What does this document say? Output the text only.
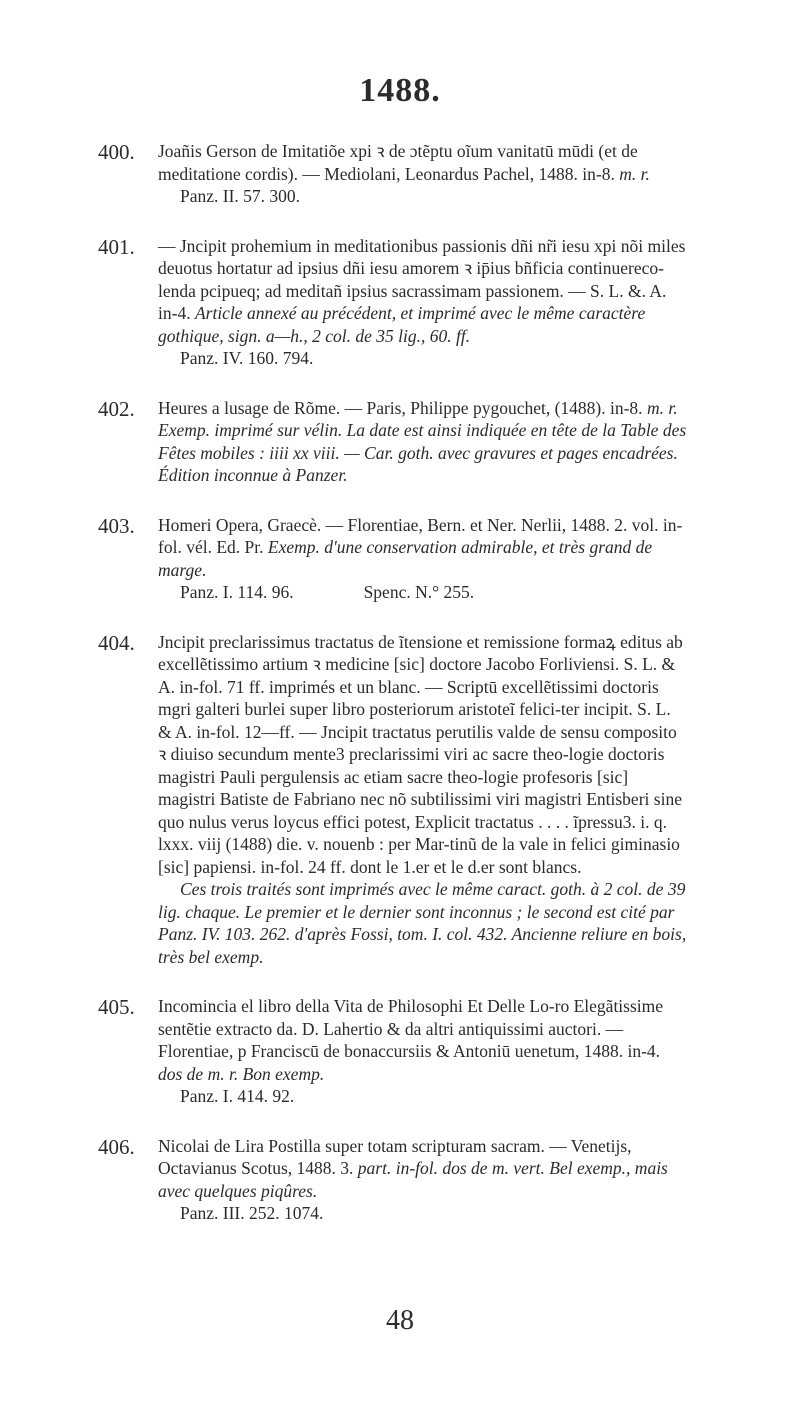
1488.
400. Joañis Gerson de Imitatiõe xpi ꝛ de ɔtẽptu oĩum vanitatū mūdi (et de meditatione cordis). — Mediolani, Leonardus Pachel, 1488. in-8. m. r.

Panz. II. 57. 300.

401. — Jncipit prohemium in meditationibus passionis dñi nr̃i iesu xpi nõi miles deuotus hortatur ad ipsius dñi iesu amorem ꝛ ip̄ius bñficia continuereco-lenda pcipueq; ad meditañ ipsius sacrassimam passionem. — S. L. &. A. in-4. Article annexé au précédent, et imprimé avec le même caractère gothique, sign. a—h., 2 col. de 35 lig., 60. ff.

Panz. IV. 160. 794.

402. Heures a lusage de Rõme. — Paris, Philippe pygouchet, (1488). in-8. m. r.

Exemp. imprimé sur vélin. La date est ainsi indiquée en tête de la Table des Fêtes mobiles : iiii xx viii. — Car. goth. avec gravures et pages encadrées. Édition inconnue à Panzer.

403. Homeri Opera, Graecè. — Florentiae, Bern. et Ner. Nerlii, 1488. 2. vol. in-fol. vél. Ed. Pr. Exemp. d'une conservation admirable, et très grand de marge.

Panz. I. 114. 96.	Spenc. N.° 255.

404. Jncipit preclarissimus tractatus de ĩtensione et remissione formaꝝ editus ab excellẽtissimo artium ꝛ medicine [sic] doctore Jacobo Forliviensi. S. L. & A. in-fol. 71 ff. imprimés et un blanc. — Scriptū excellẽtissimi doctoris mgri galteri burlei super libro posteriorum aristoteĩ felici-ter incipit. S. L. & A. in-fol. 12—ff. — Jncipit tractatus perutilis valde de sensu composito ꝛ diuiso secundum mente3 preclarissimi viri ac sacre theo-logie doctoris magistri Pauli pergulensis ac etiam sacre theo-logie profesoris [sic] magistri Batiste de Fabriano nec nõ subtilissimi viri magistri Entisberi sine quo nulus verus loycus effici potest, Explicit tractatus . . . . ĩpressu3. i. q. lxxx. viij (1488) die. v. nouenb : per Mar-tinũ de la vale in felici giminasio [sic] papiensi. in-fol. 24 ff. dont le 1.er et le d.er sont blancs.

Ces trois traités sont imprimés avec le même caract. goth. à 2 col. de 39 lig. chaque. Le premier et le dernier sont inconnus ; le second est cité par Panz. IV. 103. 262. d'après Fossi, tom. I. col. 432. Ancienne reliure en bois, très bel exemp.

405. Incomincia el libro della Vita de Philosophi Et Delle Lo-ro Elegãtissime sentẽtie extracto da. D. Lahertio & da altri antiquissimi auctori. — Florentiae, p Franciscū de bonaccursiis & Antoniū uenetum, 1488. in-4. dos de m. r. Bon exemp.

Panz. I. 414. 92.

406. Nicolai de Lira Postilla super totam scripturam sacram. — Venetijs, Octavianus Scotus, 1488. 3. part. in-fol. dos de m. vert. Bel exemp., mais avec quelques piqûres.

Panz. III. 252. 1074.

48
